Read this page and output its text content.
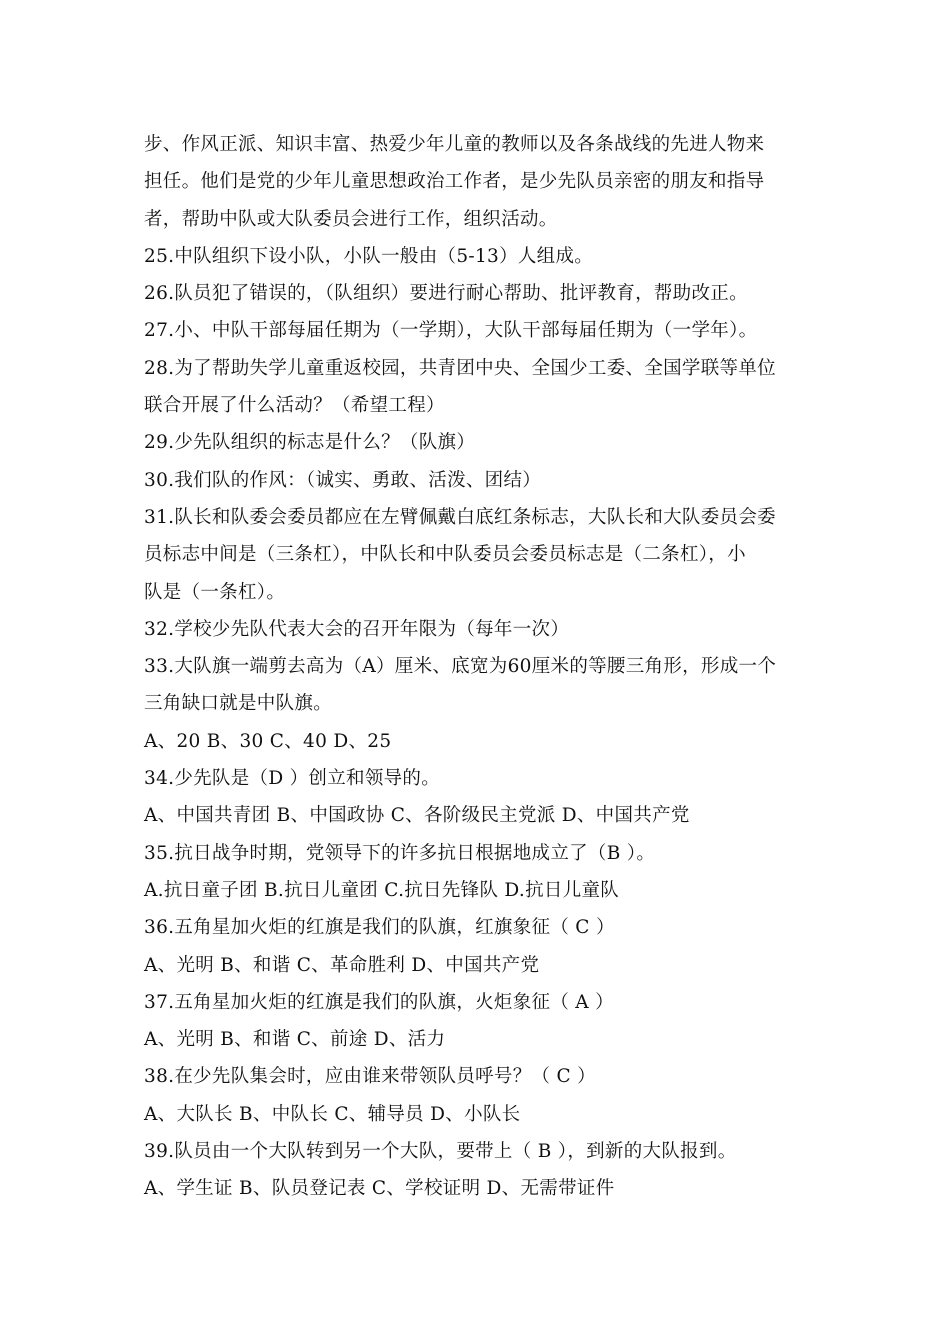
步、作风正派、知识丰富、热爱少年儿童的教师以及各条战线的先进人物来
担任。他们是党的少年儿童思想政治工作者，是少先队员亲密的朋友和指导
者，帮助中队或大队委员会进行工作，组织活动。
25.中队组织下设小队，小队一般由（5-13）人组成。
26.队员犯了错误的，（队组织）要进行耐心帮助、批评教育，帮助改正。
27.小、中队干部每届任期为（一学期），大队干部每届任期为（一学年）。
28.为了帮助失学儿童重返校园，共青团中央、全国少工委、全国学联等单位
联合开展了什么活动？（希望工程）
29.少先队组织的标志是什么？（队旗）
30.我们队的作风：（诚实、勇敢、活泼、团结）
31.队长和队委会委员都应在左臂佩戴白底红条标志，大队长和大队委员会委
员标志中间是（三条杠），中队长和中队委员会委员标志是（二条杠），小
队是（一条杠）。
32.学校少先队代表大会的召开年限为（每年一次）
33.大队旗一端剪去高为（A）厘米、底宽为60厘米的等腰三角形，形成一个
三角缺口就是中队旗。
A、20 B、30 C、40 D、25
34.少先队是（D ）创立和领导的。
A、中国共青团 B、中国政协 C、各阶级民主党派 D、中国共产党
35.抗日战争时期，党领导下的许多抗日根据地成立了（B ）。
A.抗日童子团 B.抗日儿童团 C.抗日先锋队 D.抗日儿童队
36.五角星加火炬的红旗是我们的队旗，红旗象征（ C ）
A、光明 B、和谐 C、革命胜利 D、中国共产党
37.五角星加火炬的红旗是我们的队旗，火炬象征（ A ）
A、光明 B、和谐 C、前途 D、活力
38.在少先队集会时，应由谁来带领队员呼号？（ C ）
A、大队长 B、中队长 C、辅导员 D、小队长
39.队员由一个大队转到另一个大队，要带上（ B ），到新的大队报到。
A、学生证 B、队员登记表 C、学校证明 D、无需带证件
